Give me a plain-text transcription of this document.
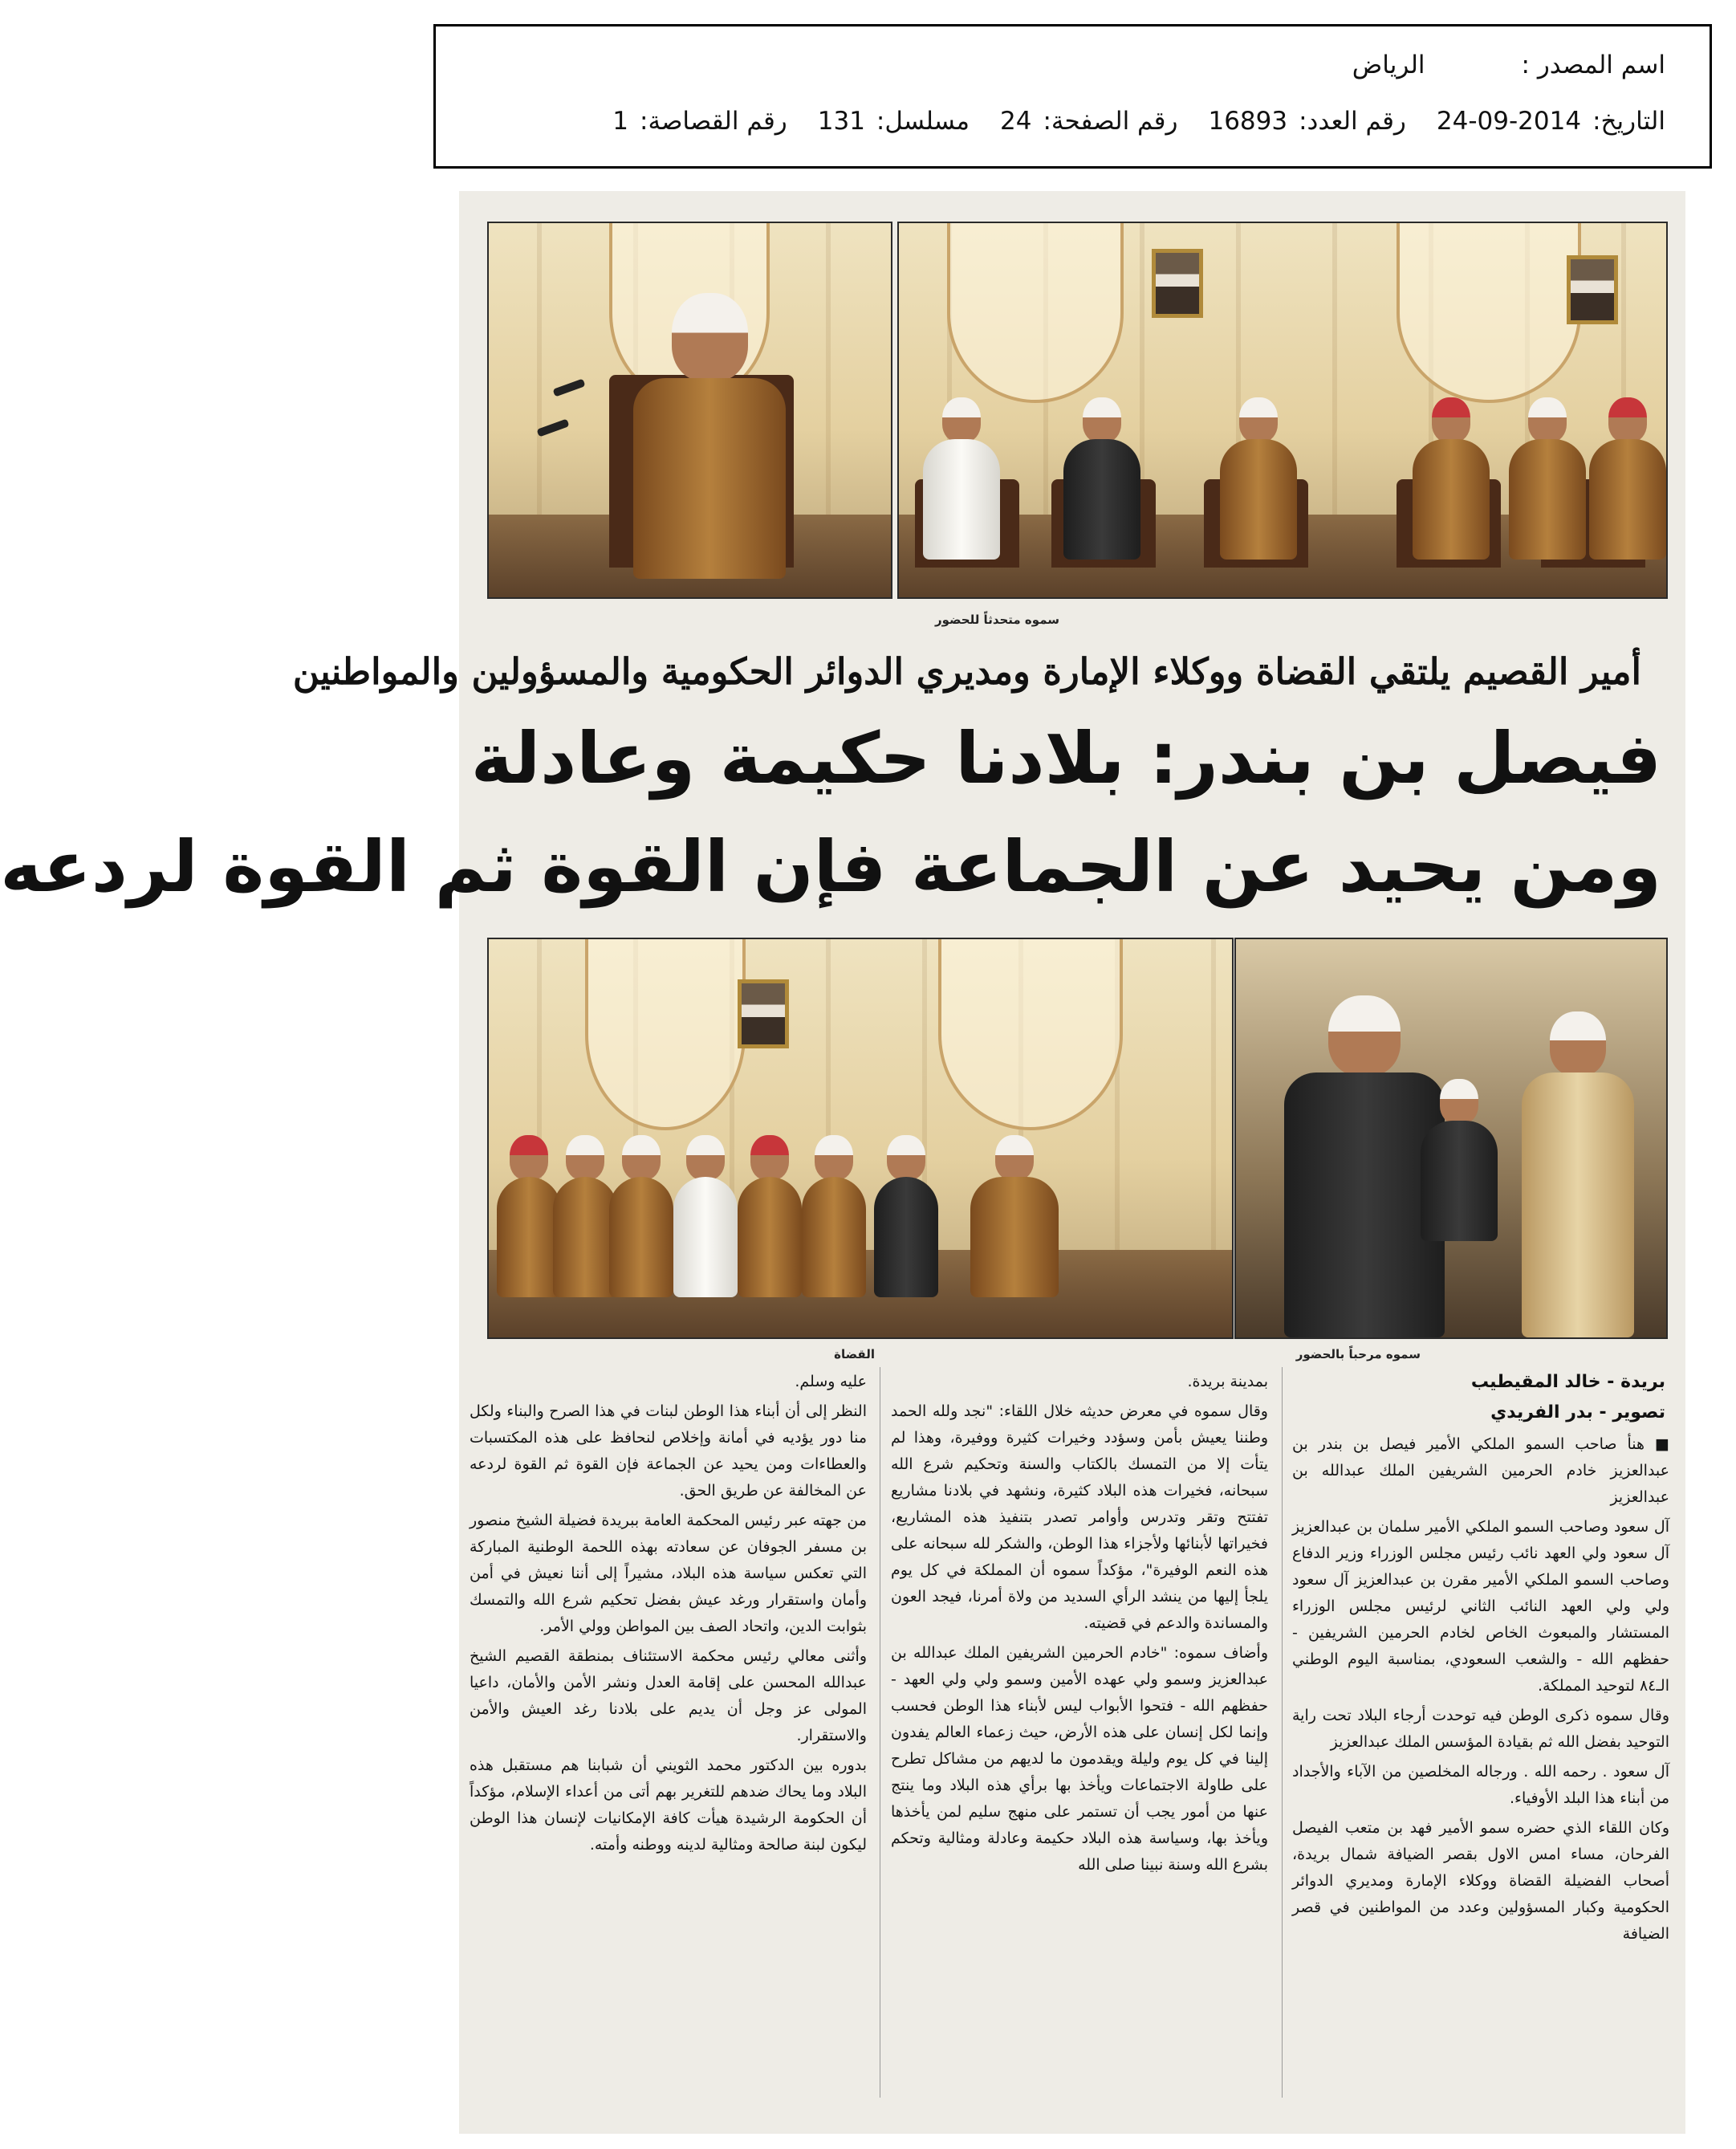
اسم المصدر :
الرياض
التاريخ:
24-09-2014
رقم العدد:
16893
رقم الصفحة:
24
مسلسل:
131
رقم القصاصة:
1
سموه متحدثاً للحضور
أمير القصيم يلتقي القضاة ووكلاء الإمارة ومديري الدوائر الحكومية والمسؤولين والمواطنين
فيصل بن بندر: بلادنا حكيمة وعادلة
ومن يحيد عن الجماعة فإن القوة ثم القوة لردعه
سموه مرحباً بالحضور
القضاة
بريدة - خالد المقيطيب
تصوير - بدر الفريدي

■ هنأ صاحب السمو الملكي الأمير فيصل بن بندر بن عبدالعزيز خادم الحرمين الشريفين الملك عبدالله بن عبدالعزيز

آل سعود وصاحب السمو الملكي الأمير سلمان بن عبدالعزيز آل سعود ولي العهد نائب رئيس مجلس الوزراء وزير الدفاع وصاحب السمو الملكي الأمير مقرن بن عبدالعزيز آل سعود ولي ولي العهد النائب الثاني لرئيس مجلس الوزراء المستشار والمبعوث الخاص لخادم الحرمين الشريفين - حفظهم الله - والشعب السعودي، بمناسبة اليوم الوطني الـ٨٤ لتوحيد المملكة.

وقال سموه ذكرى الوطن فيه توحدت أرجاء البلاد تحت راية التوحيد بفضل الله ثم بقيادة المؤسس الملك عبدالعزيز

آل سعود . رحمه الله . ورجاله المخلصين من الآباء والأجداد من أبناء هذا البلد الأوفياء.

وكان اللقاء الذي حضره سمو الأمير فهد بن متعب الفيصل الفرحان، مساء امس الاول بقصر الضيافة شمال بريدة، أصحاب الفضيلة القضاة ووكلاء الإمارة ومديري الدوائر الحكومية وكبار المسؤولين وعدد من المواطنين في قصر الضيافة

بمدينة بريدة.

وقال سموه في معرض حديثه خلال اللقاء: "نجد ولله الحمد وطننا يعيش بأمن وسؤدد وخيرات كثيرة ووفيرة، وهذا لم يتأت إلا من التمسك بالكتاب والسنة وتحكيم شرع الله سبحانه، فخيرات هذه البلاد كثيرة، ونشهد في بلادنا مشاريع تفتتح وتقر وتدرس وأوامر تصدر بتنفيذ هذه المشاريع، فخيراتها لأبنائها ولأجزاء هذا الوطن، والشكر لله سبحانه على هذه النعم الوفيرة"، مؤكداً سموه أن المملكة في كل يوم يلجأ إليها من ينشد الرأي السديد من ولاة أمرنا، فيجد العون والمساندة والدعم في قضيته.

وأضاف سموه: "خادم الحرمين الشريفين الملك عبدالله بن عبدالعزيز وسمو ولي عهده الأمين وسمو ولي ولي العهد - حفظهم الله - فتحوا الأبواب ليس لأبناء هذا الوطن فحسب وإنما لكل إنسان على هذه الأرض، حيث زعماء العالم يفدون إلينا في كل يوم وليلة ويقدمون ما لديهم من مشاكل تطرح على طاولة الاجتماعات ويأخذ بها برأي هذه البلاد وما ينتج عنها من أمور يجب أن تستمر على منهج سليم لمن يأخذها ويأخذ بها، وسياسة هذه البلاد حكيمة وعادلة ومثالية وتحكم بشرع الله وسنة نبينا صلى الله

عليه وسلم.

النظر إلى أن أبناء هذا الوطن لبنات في هذا الصرح والبناء ولكل منا دور يؤديه في أمانة وإخلاص لنحافظ على هذه المكتسبات والعطاءات ومن يحيد عن الجماعة فإن القوة ثم القوة لردعه عن المخالفة عن طريق الحق.

من جهته عبر رئيس المحكمة العامة ببريدة فضيلة الشيخ منصور بن مسفر الجوفان عن سعادته بهذه اللحمة الوطنية المباركة التي تعكس سياسة هذه البلاد، مشيراً إلى أننا نعيش في أمن وأمان واستقرار ورغد عيش بفضل تحكيم شرع الله والتمسك بثوابت الدين، واتحاد الصف بين المواطن وولي الأمر.

وأثنى معالي رئيس محكمة الاستئناف بمنطقة القصيم الشيخ عبدالله المحسن على إقامة العدل ونشر الأمن والأمان، داعيا المولى عز وجل أن يديم على بلادنا رغد العيش والأمن والاستقرار.

بدوره بين الدكتور محمد الثويني أن شبابنا هم مستقبل هذه البلاد وما يحاك ضدهم للتغرير بهم أتى من أعداء الإسلام، مؤكداً أن الحكومة الرشيدة هيأت كافة الإمكانيات لإنسان هذا الوطن ليكون لبنة صالحة ومثالية لدينه ووطنه وأمته.
